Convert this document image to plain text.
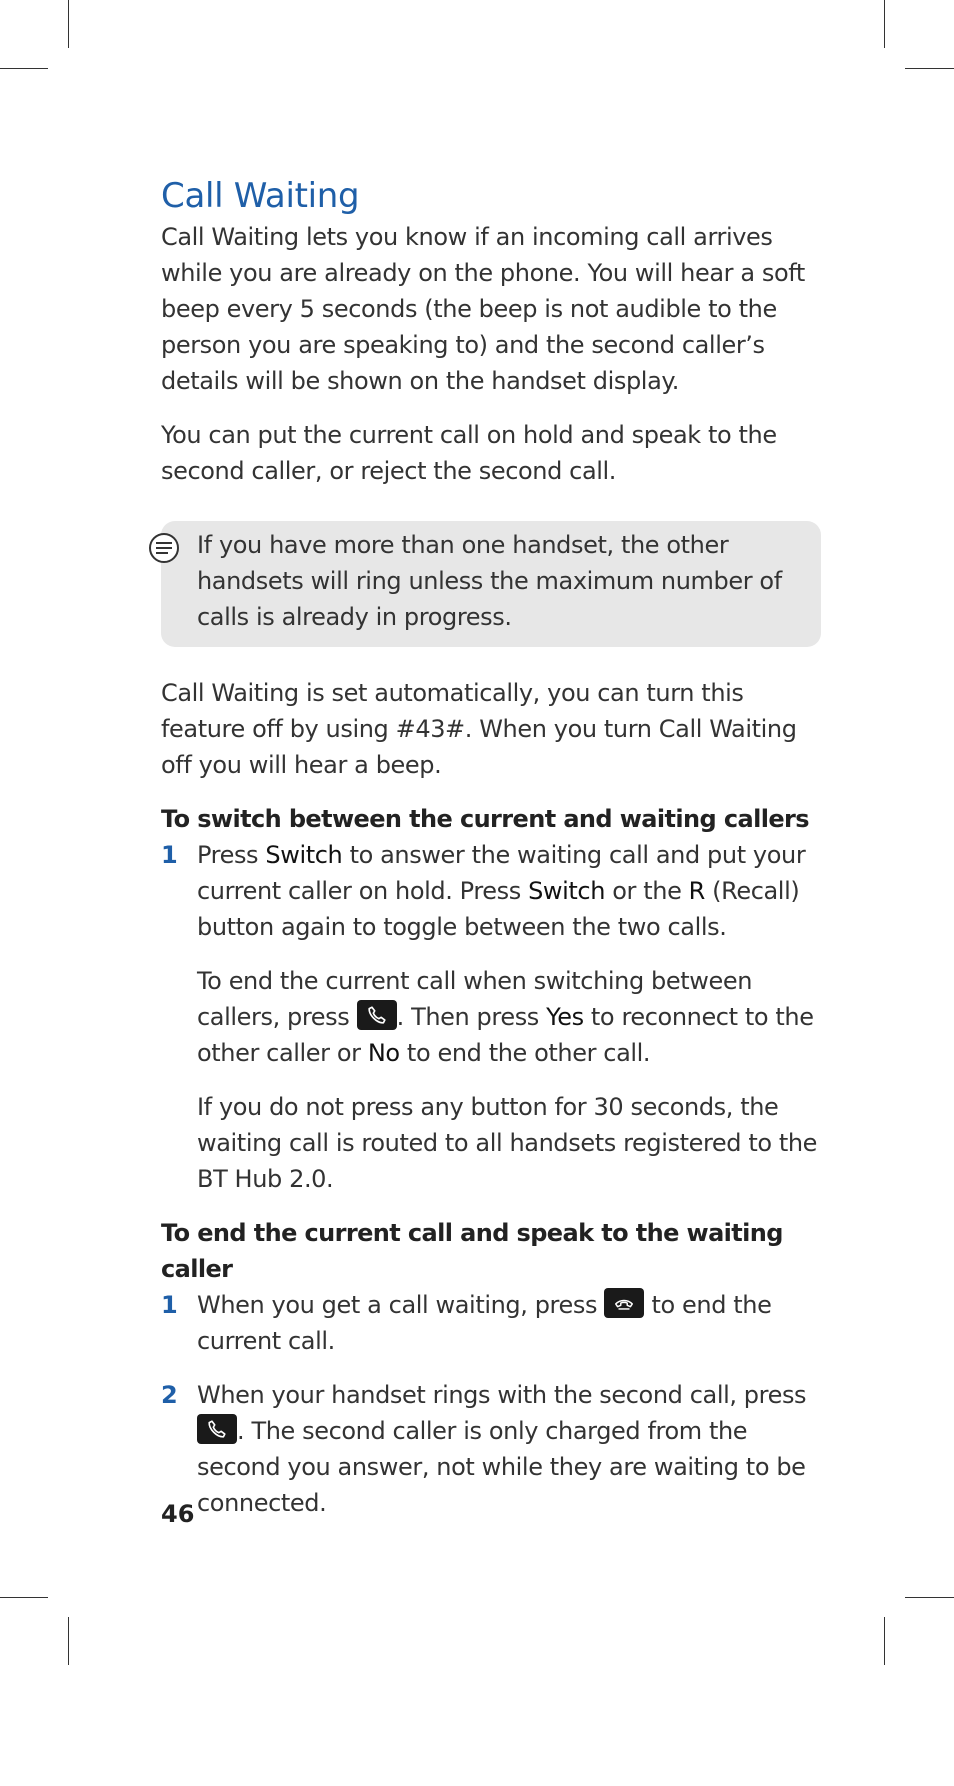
Call Waiting

Call Waiting lets you know if an incoming call arrives while you are already on the phone. You will hear a soft beep every 5 seconds (the beep is not audible to the person you are speaking to) and the second caller’s details will be shown on the handset display.

You can put the current call on hold and speak to the second caller, or reject the second call.

If you have more than one handset, the other handsets will ring unless the maximum number of calls is already in progress.

Call Waiting is set automatically, you can turn this feature off by using #43#. When you turn Call Waiting off you will hear a beep.

To switch between the current and waiting callers
1 Press Switch to answer the waiting call and put your current caller on hold. Press Switch or the R (Recall) button again to toggle between the two calls.

To end the current call when switching between callers, press
. Then press Yes to reconnect to the other caller or No to end the other call.

If you do not press any button for 30 seconds, the waiting call is routed to all handsets registered to the BT Hub 2.0.

To end the current call and speak to the waiting caller
1 When you get a call waiting, press
to end the current call.

2 When your handset rings with the second call, press
. The second caller is only charged from the second you answer, not while they are waiting to be connected.

46
